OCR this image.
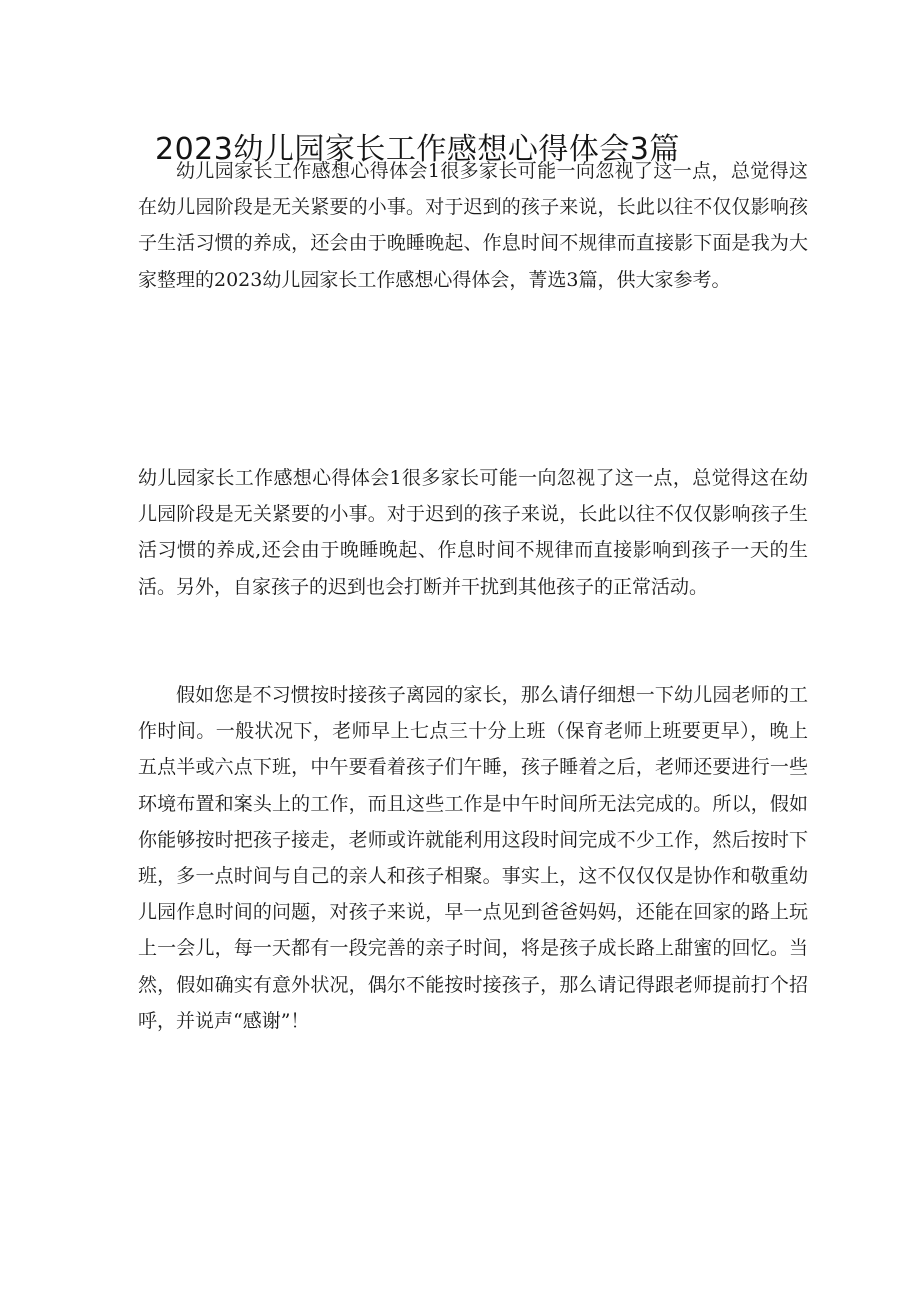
2023幼儿园家长工作感想心得体会3篇

幼儿园家长工作感想心得体会1很多家长可能一向忽视了这一点，总觉得这在幼儿园阶段是无关紧要的小事。对于迟到的孩子来说，长此以往不仅仅影响孩子生活习惯的养成，还会由于晚睡晚起、作息时间不规律而直接影下面是我为大家整理的2023幼儿园家长工作感想心得体会，菁选3篇，供大家参考。

幼儿园家长工作感想心得体会1很多家长可能一向忽视了这一点，总觉得这在幼儿园阶段是无关紧要的小事。对于迟到的孩子来说，长此以往不仅仅影响孩子生活习惯的养成,还会由于晚睡晚起、作息时间不规律而直接影响到孩子一天的生活。另外，自家孩子的迟到也会打断并干扰到其他孩子的正常活动。

假如您是不习惯按时接孩子离园的家长，那么请仔细想一下幼儿园老师的工作时间。一般状况下，老师早上七点三十分上班（保育老师上班要更早），晚上五点半或六点下班，中午要看着孩子们午睡，孩子睡着之后，老师还要进行一些环境布置和案头上的工作，而且这些工作是中午时间所无法完成的。所以，假如你能够按时把孩子接走，老师或许就能利用这段时间完成不少工作，然后按时下班，多一点时间与自己的亲人和孩子相聚。事实上，这不仅仅仅是协作和敬重幼儿园作息时间的问题，对孩子来说，早一点见到爸爸妈妈，还能在回家的路上玩上一会儿，每一天都有一段完善的亲子时间，将是孩子成长路上甜蜜的回忆。当然，假如确实有意外状况，偶尔不能按时接孩子，那么请记得跟老师提前打个招呼，并说声“感谢”！
